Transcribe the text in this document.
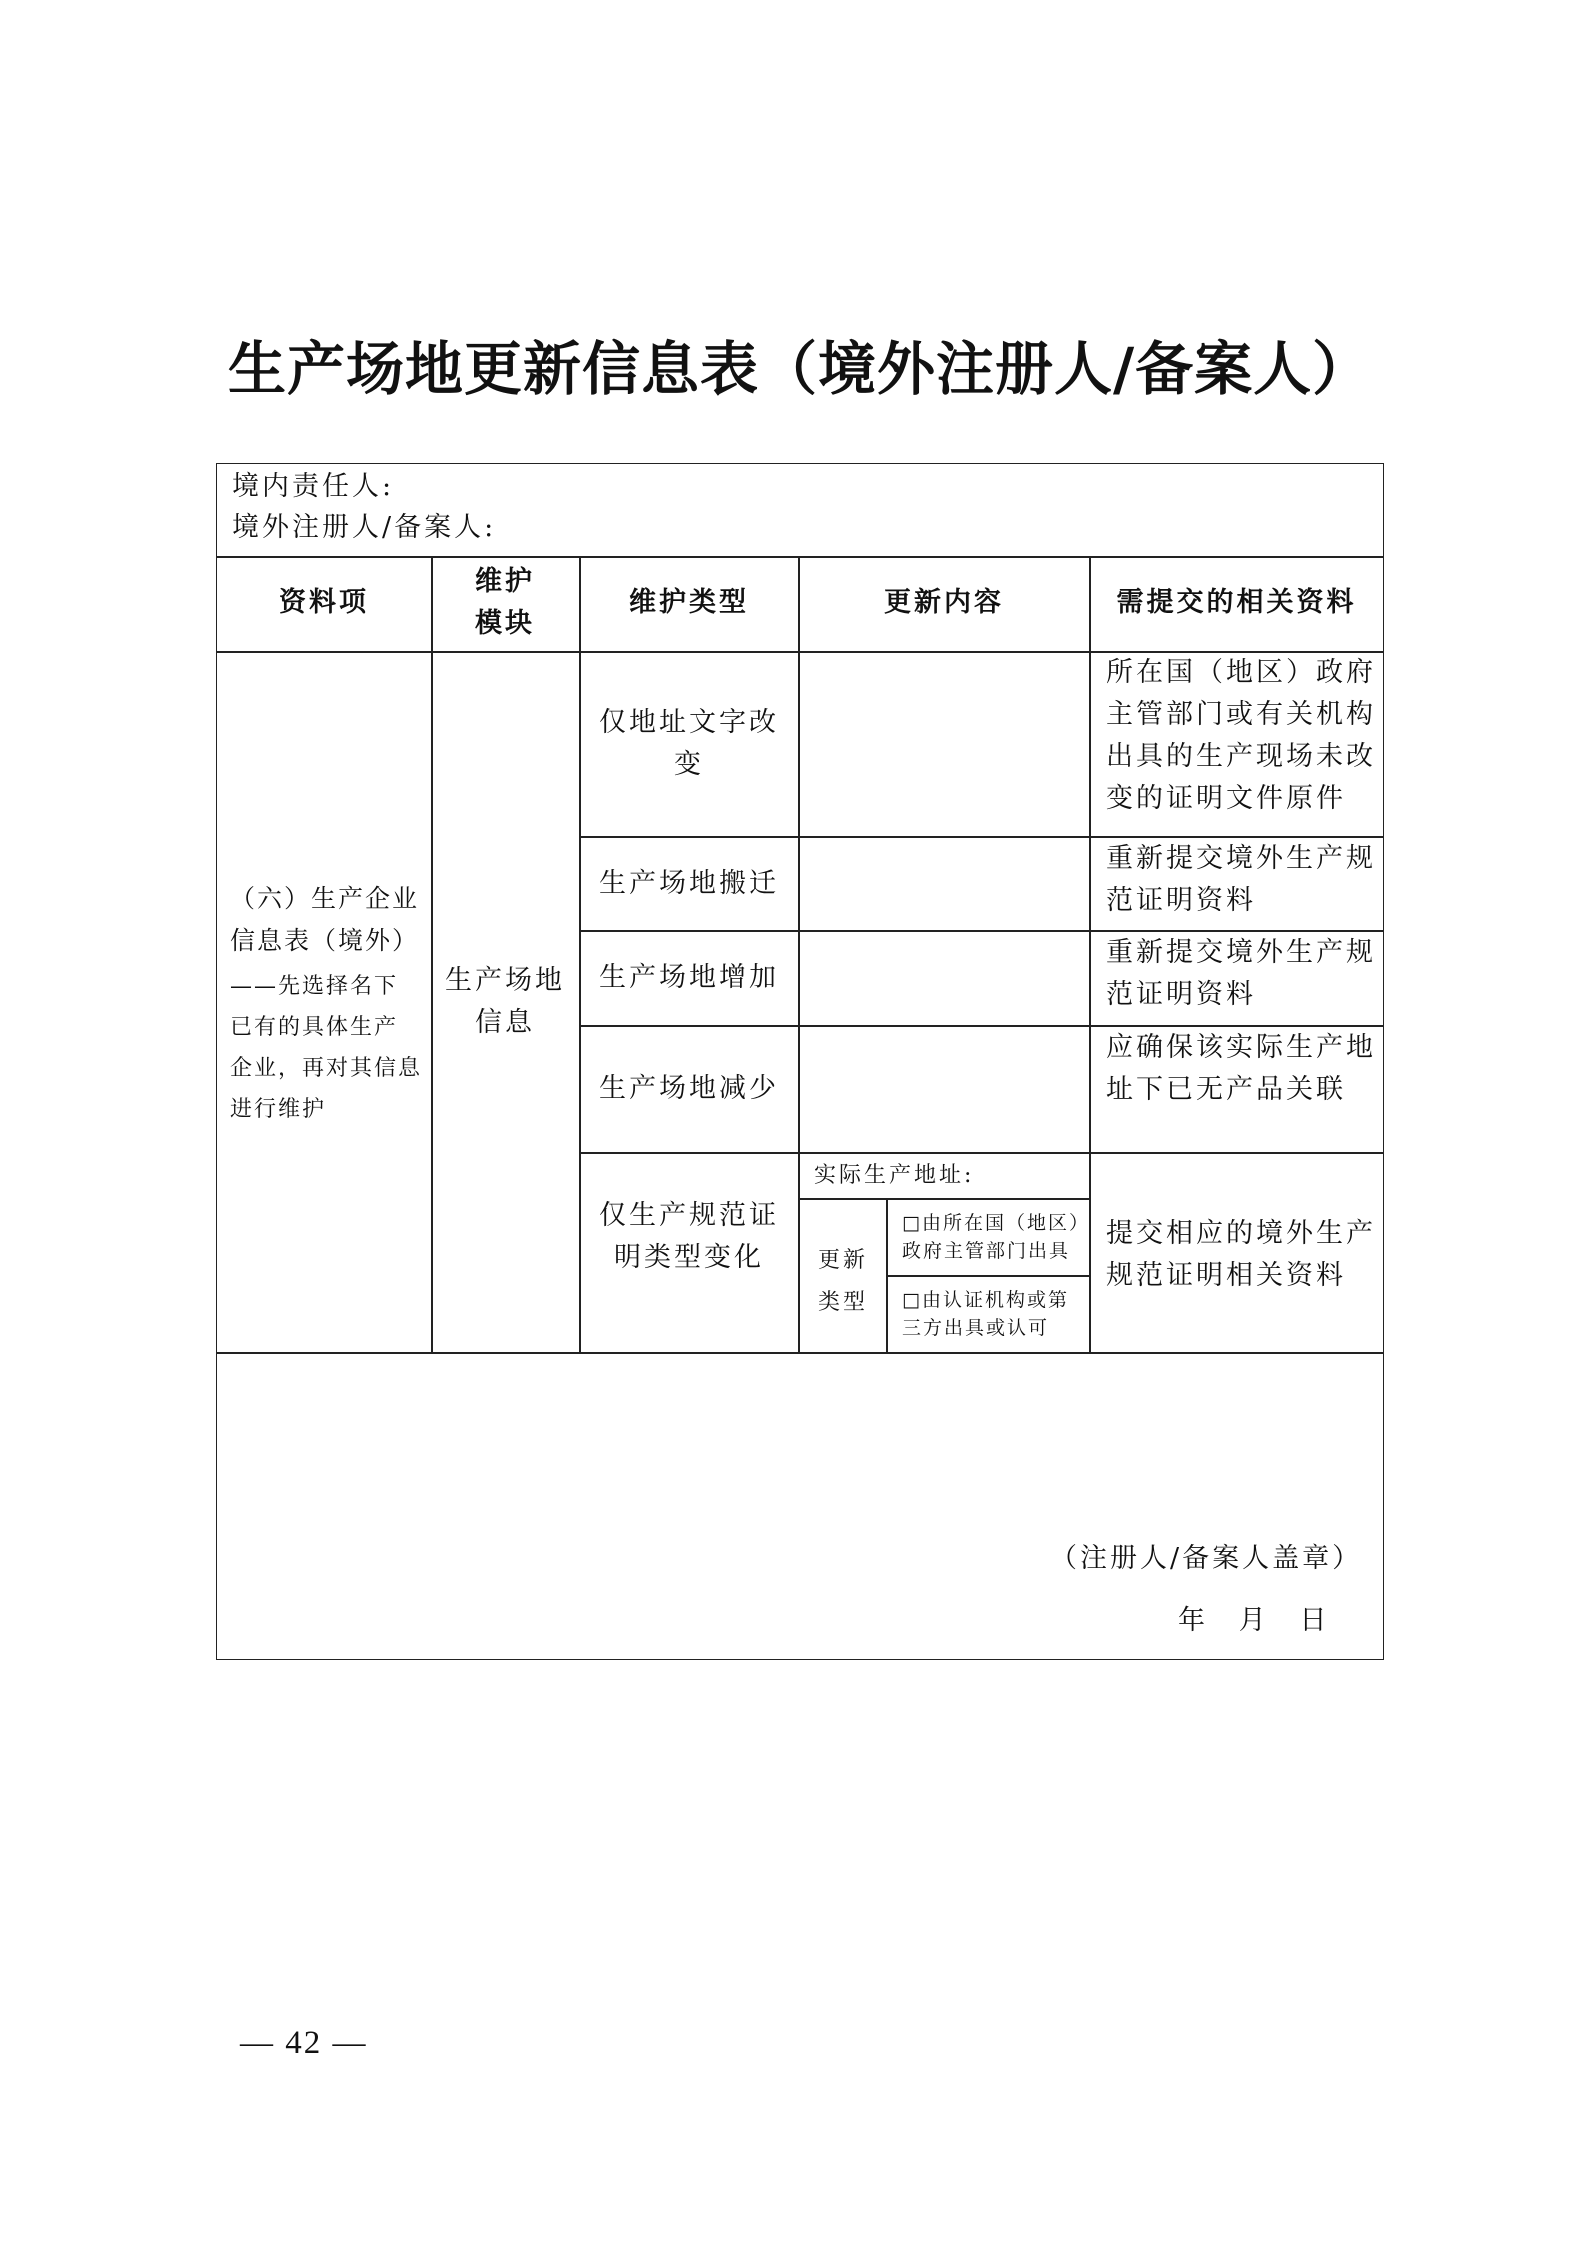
生产场地更新信息表（境外注册人/备案人）
境内责任人:
境外注册人/备案人:
资料项
维护
模块
维护类型	更新内容	需提交的相关资料
（六）生产企业
信息表（境外）
——先选择名下
已有的具体生产
企业，再对其信息
进行维护
生产场地
信息
仅地址文字改
变
生产场地搬迁
生产场地增加
生产场地减少
仅生产规范证
明类型变化
所在国（地区）政府
主管部门或有关机构
出具的生产现场未改
变的证明文件原件
重新提交境外生产规
范证明资料
重新提交境外生产规
范证明资料
应确保该实际生产地
址下已无产品关联
提交相应的境外生产
规范证明相关资料
实际生产地址:
更新
类型
□由所在国（地区）
政府主管部门出具
□由认证机构或第
三方出具或认可
（注册人/备案人盖章）
年   月   日
— 42 —
